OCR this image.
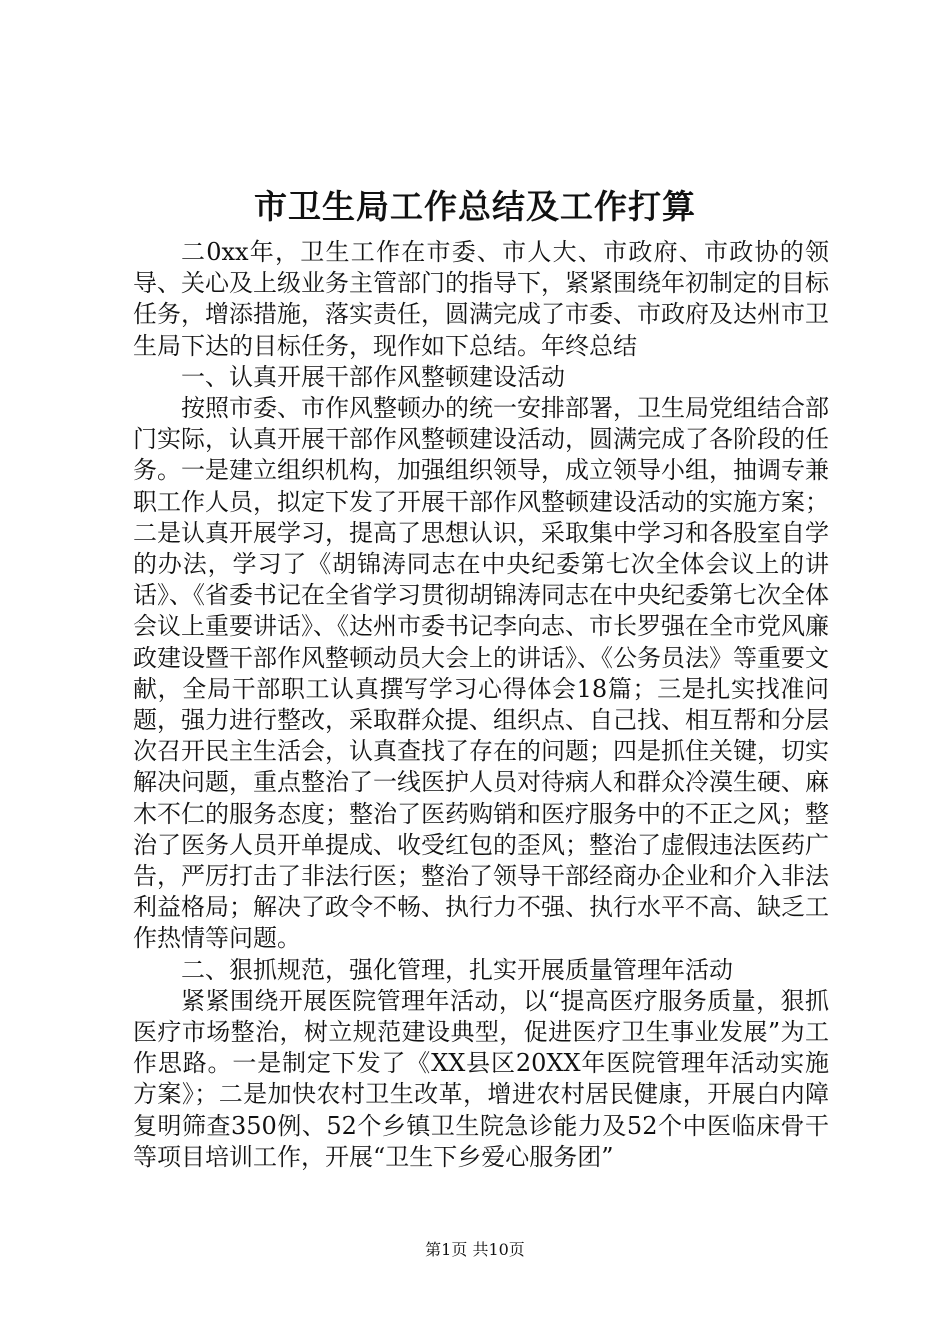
市卫生局工作总结及工作打算

二0xx年，卫生工作在市委、市人大、市政府、市政协的领导、关心及上级业务主管部门的指导下，紧紧围绕年初制定的目标任务，增添措施，落实责任，圆满完成了市委、市政府及达州市卫生局下达的目标任务，现作如下总结。年终总结

一、认真开展干部作风整顿建设活动

按照市委、市作风整顿办的统一安排部署，卫生局党组结合部门实际，认真开展干部作风整顿建设活动，圆满完成了各阶段的任务。一是建立组织机构，加强组织领导，成立领导小组，抽调专兼职工作人员，拟定下发了开展干部作风整顿建设活动的实施方案；二是认真开展学习，提高了思想认识，采取集中学习和各股室自学的办法，学习了《胡锦涛同志在中央纪委第七次全体会议上的讲话》、《省委书记在全省学习贯彻胡锦涛同志在中央纪委第七次全体会议上重要讲话》、《达州市委书记李向志、市长罗强在全市党风廉政建设暨干部作风整顿动员大会上的讲话》、《公务员法》等重要文献，全局干部职工认真撰写学习心得体会18篇；三是扎实找准问题，强力进行整改，采取群众提、组织点、自己找、相互帮和分层次召开民主生活会，认真查找了存在的问题；四是抓住关键，切实解决问题，重点整治了一线医护人员对待病人和群众冷漠生硬、麻木不仁的服务态度；整治了医药购销和医疗服务中的不正之风；整治了医务人员开单提成、收受红包的歪风；整治了虚假违法医药广告，严厉打击了非法行医；整治了领导干部经商办企业和介入非法利益格局；解决了政令不畅、执行力不强、执行水平不高、缺乏工作热情等问题。

二、狠抓规范，强化管理，扎实开展质量管理年活动

紧紧围绕开展医院管理年活动，以“提高医疗服务质量，狠抓医疗市场整治，树立规范建设典型，促进医疗卫生事业发展”为工作思路。一是制定下发了《XX县区20XX年医院管理年活动实施方案》；二是加快农村卫生改革，增进农村居民健康，开展白内障复明筛查350例、52个乡镇卫生院急诊能力及52个中医临床骨干等项目培训工作，开展“卫生下乡爱心服务团”

第1页 共10页
